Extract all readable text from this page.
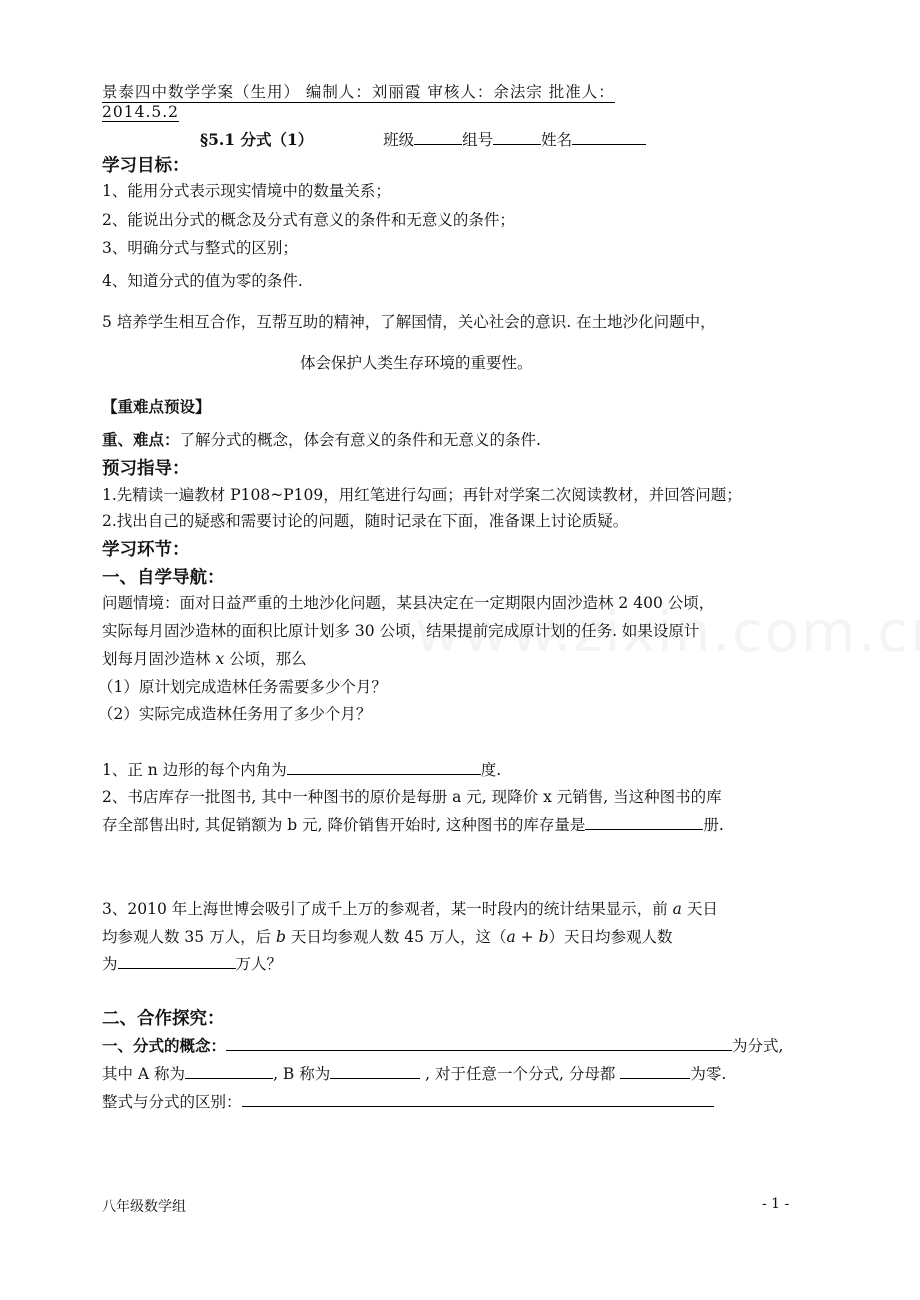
景泰四中数学学案（生用） 编制人：刘丽霞 审核人：余法宗 批准人：
2014.5.2
§5.1 分式（1）	班级	组号	姓名
学习目标：
1、能用分式表示现实情境中的数量关系；
2、能说出分式的概念及分式有意义的条件和无意义的条件；
3、明确分式与整式的区别；
4、知道分式的值为零的条件.
5 培养学生相互合作，互帮互助的精神，了解国情，关心社会的意识. 在土地沙化问题中，
体会保护人类生存环境的重要性。
【重难点预设】
重、难点：了解分式的概念，体会有意义的条件和无意义的条件.
预习指导：
1.先精读一遍教材 P108~P109，用红笔进行勾画；再针对学案二次阅读教材，并回答问题；
2.找出自己的疑惑和需要讨论的问题，随时记录在下面，准备课上讨论质疑。
学习环节：
一、自学导航：
问题情境：面对日益严重的土地沙化问题，某县决定在一定期限内固沙造林 2 400 公顷，
实际每月固沙造林的面积比原计划多 30 公顷，结果提前完成原计划的任务. 如果设原计
划每月固沙造林 x 公顷，那么
（1）原计划完成造林任务需要多少个月？
（2）实际完成造林任务用了多少个月？
1、正 n 边形的每个内角为	度.
2、书店库存一批图书, 其中一种图书的原价是每册 a 元, 现降价 x 元销售, 当这种图书的库
存全部售出时, 其促销额为 b 元, 降价销售开始时, 这种图书的库存量是	册.
3、2010 年上海世博会吸引了成千上万的参观者，某一时段内的统计结果显示，前 a 天日
均参观人数 35 万人，后 b 天日均参观人数 45 万人，这（a + b）天日均参观人数
为	万人？
二、合作探究：
一、分式的概念：	为分式,
其中 A 称为	, B 称为	, 对于任意一个分式, 分母都	为零.
整式与分式的区别：
八年级数学组	- 1 -
